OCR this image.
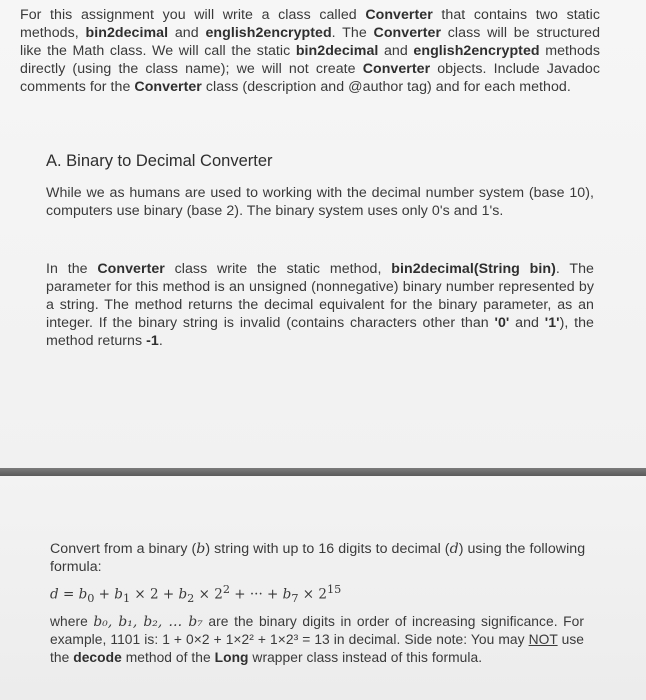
For this assignment you will write a class called Converter that contains two static methods, bin2decimal and english2encrypted. The Converter class will be structured like the Math class. We will call the static bin2decimal and english2encrypted methods directly (using the class name); we will not create Converter objects. Include Javadoc comments for the Converter class (description and @author tag) and for each method.

A. Binary to Decimal Converter

While we as humans are used to working with the decimal number system (base 10), computers use binary (base 2). The binary system uses only 0's and 1's.

In the Converter class write the static method, bin2decimal(String bin). The parameter for this method is an unsigned (nonnegative) binary number represented by a string. The method returns the decimal equivalent for the binary parameter, as an integer. If the binary string is invalid (contains characters other than '0' and '1'), the method returns -1.

Convert from a binary (b) string with up to 16 digits to decimal (d) using the following formula:

$d = b_0 + b_1 \times 2 + b_2 \times 2^2$ + ··· + $b_7 \times 2^{15}$

where b₀, b₁, b₂, … b₇ are the binary digits in order of increasing significance. For example, 1101 is: 1 + 0×2 + 1×2² + 1×2³ = 13 in decimal. Side note: You may NOT use the decode method of the Long wrapper class instead of this formula.
